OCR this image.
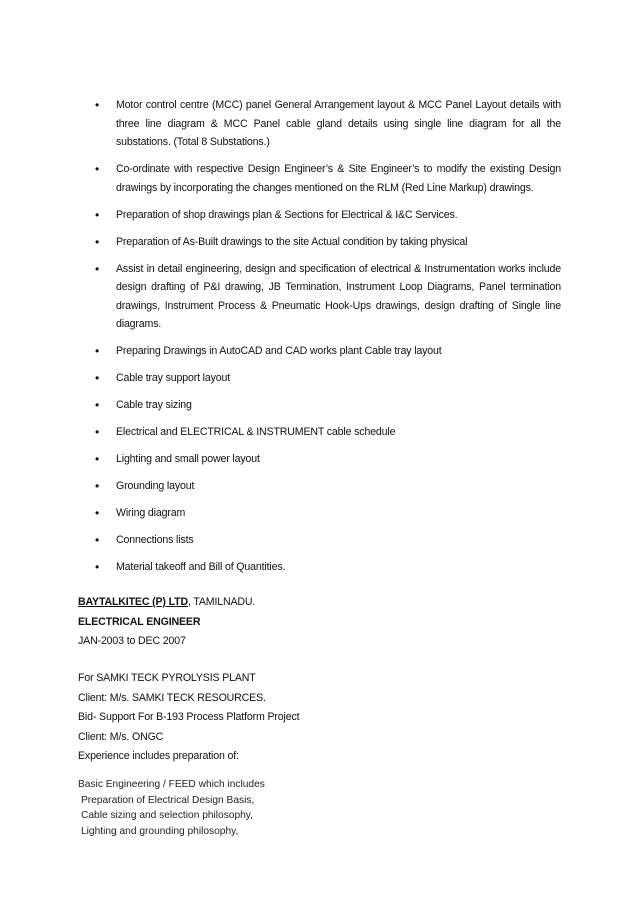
• Motor control centre (MCC) panel General Arrangement layout & MCC Panel Layout details with three line diagram & MCC Panel cable gland details using single line diagram for all the substations. (Total 8 Substations.)
• Co-ordinate with respective Design Engineer’s & Site Engineer’s to modify the existing Design drawings by incorporating the changes mentioned on the RLM (Red Line Markup) drawings.
• Preparation of shop drawings plan & Sections for Electrical & I&C Services.
• Preparation of As-Built drawings to the site Actual condition by taking physical
• Assist in detail engineering, design and specification of electrical & Instrumentation works include design drafting of P&I drawing, JB Termination, Instrument Loop Diagrams, Panel termination drawings, Instrument Process & Pneumatic Hook-Ups drawings, design drafting of Single line diagrams.
• Preparing Drawings in AutoCAD and CAD works plant Cable tray layout
• Cable tray support layout
• Cable tray sizing
• Electrical and ELECTRICAL & INSTRUMENT cable schedule
• Lighting and small power layout
• Grounding layout
• Wiring diagram
• Connections lists
• Material takeoff and Bill of Quantities.
BAYTALKITEC (P) LTD, TAMILNADU.
ELECTRICAL ENGINEER
JAN-2003 to DEC 2007
For SAMKI TECK PYROLYSIS PLANT
Client: M/s. SAMKI TECK RESOURCES.
Bid- Support For B-193 Process Platform Project
Client: M/s. ONGC
Experience includes preparation of:
Basic Engineering / FEED which includes
Preparation of Electrical Design Basis,
Cable sizing and selection philosophy,
Lighting and grounding philosophy,
